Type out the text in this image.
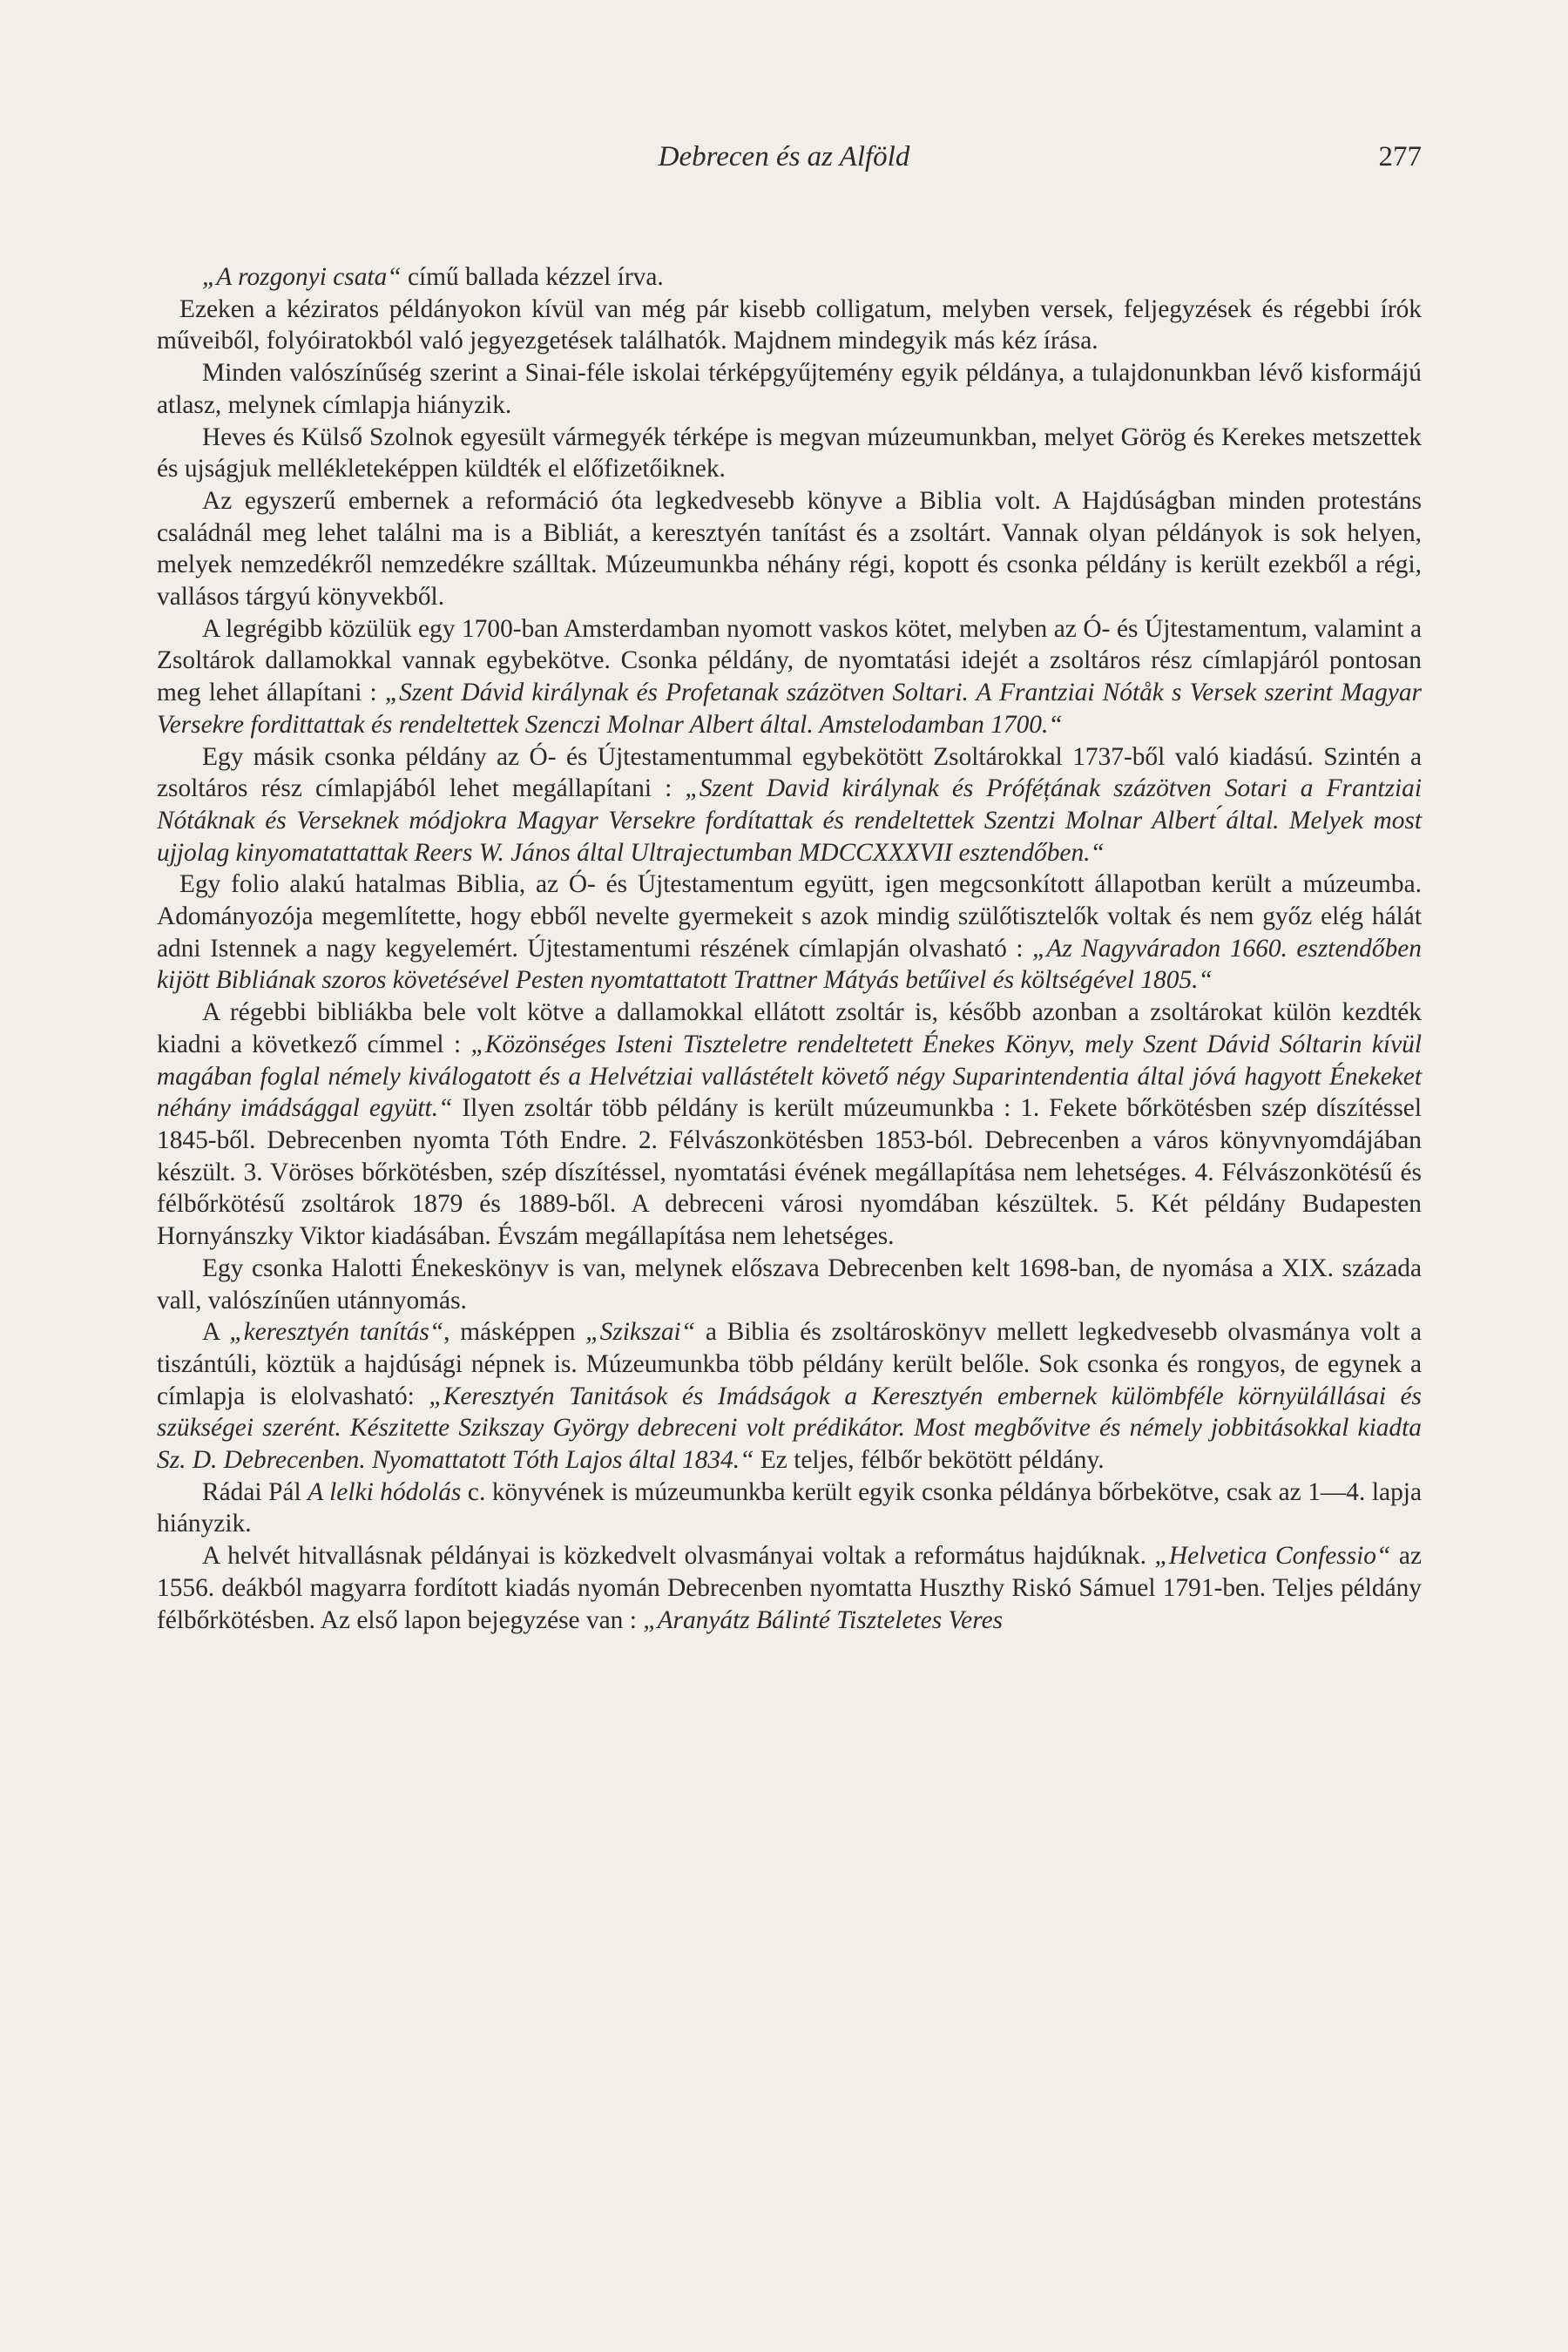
Debrecen és az Alföld	277

„A rozgonyi csata“ című ballada kézzel írva.

Ezeken a kéziratos példányokon kívül van még pár kisebb colligatum, melyben versek, feljegyzések és régebbi írók műveiből, folyóiratokból való jegyezgetések találhatók. Majdnem mindegyik más kéz írása.

Minden valószínűség szerint a Sinai-féle iskolai térképgyűjtemény egyik példánya, a tulajdonunkban lévő kisformájú atlasz, melynek címlapja hiányzik.

Heves és Külső Szolnok egyesült vármegyék térképe is megvan múzeumunkban, melyet Görög és Kerekes metszettek és ujságjuk mellékleteképpen küldték el előfizetőiknek.

Az egyszerű embernek a reformáció óta legkedvesebb könyve a Biblia volt. A Hajdúságban minden protestáns családnál meg lehet találni ma is a Bibliát, a keresztyén tanítást és a zsoltárt. Vannak olyan példányok is sok helyen, melyek nemzedékről nemzedékre szálltak. Múzeumunkba néhány régi, kopott és csonka példány is került ezekből a régi, vallásos tárgyú könyvekből.

A legrégibb közülük egy 1700-ban Amsterdamban nyomott vaskos kötet, melyben az Ó- és Újtestamentum, valamint a Zsoltárok dallamokkal vannak egybekötve. Csonka példány, de nyomtatási idejét a zsoltáros rész címlapjáról pontosan meg lehet állapítani : „Szent Dávid királynak és Profetanak százötven Soltari. A Frantziai Nótåk s Versek szerint Magyar Versekre fordittattak és rendeltettek Szenczi Molnar Albert által. Amstelodamban 1700.“

Egy másik csonka példány az Ó- és Újtestamentummal egybekötött Zsoltárokkal 1737-ből való kiadású. Szintén a zsoltáros rész címlapjából lehet megállapítani : „Szent David királynak és Próféțának százötven Sotari a Frantziai Nótáknak és Verseknek módjokra Magyar Versekre fordítattak és rendeltettek Szentzi Molnar Albert ́által. Melyek most ujjolag kinyomatattattak Reers W. János által Ultrajectumban MDCCXXXVII esztendőben.“

Egy folio alakú hatalmas Biblia, az Ó- és Újtestamentum együtt, igen megcsonkított állapotban került a múzeumba. Adományozója megemlítette, hogy ebből nevelte gyermekeit s azok mindig szülőtisztelők voltak és nem győz elég hálát adni Istennek a nagy kegyelemért. Újtestamentumi részének címlapján olvasható : „Az Nagyváradon 1660. esztendőben kijött Bibliának szoros követésével Pesten nyomtattatott Trattner Mátyás betűivel és költségével 1805.“

A régebbi bibliákba bele volt kötve a dallamokkal ellátott zsoltár is, később azonban a zsoltárokat külön kezdték kiadni a következő címmel : „Közönséges Isteni Tiszteletre rendeltetett Énekes Könyv, mely Szent Dávid Sóltarin kívül magában foglal némely kiválogatott és a Helvétziai vallástételt követő négy Suparintendentia által jóvá hagyott Énekeket néhány imádsággal együtt.“ Ilyen zsoltár több példány is került múzeumunkba : 1. Fekete bőrkötésben szép díszítéssel 1845-ből. Debrecenben nyomta Tóth Endre. 2. Félvászonkötésben 1853-ból. Debrecenben a város könyvnyomdájában készült. 3. Vöröses bőrkötésben, szép díszítéssel, nyomtatási évének megállapítása nem lehetséges. 4. Félvászonkötésű és félbőrkötésű zsoltárok 1879 és 1889-ből. A debreceni városi nyomdában készültek. 5. Két példány Budapesten Hornyánszky Viktor kiadásában. Évszám megállapítása nem lehetséges.

Egy csonka Halotti Énekeskönyv is van, melynek előszava Debrecenben kelt 1698-ban, de nyomása a XIX. százada vall, valószínűen utánnyomás.

A „keresztyén tanítás“, másképpen „Szikszai“ a Biblia és zsoltároskönyv mellett legkedvesebb olvasmánya volt a tiszántúli, köztük a hajdúsági népnek is. Múzeumunkba több példány került belőle. Sok csonka és rongyos, de egynek a címlapja is elolvasható: „Keresztyén Tanitások és Imádságok a Keresztyén embernek külömbféle környülállásai és szükségei szerént. Készitette Szikszay György debreceni volt prédikátor. Most megbővitve és némely jobbitásokkal kiadta Sz. D. Debrecenben. Nyomattatott Tóth Lajos által 1834.“ Ez teljes, félbőr bekötött példány.

Rádai Pál A lelki hódolás c. könyvének is múzeumunkba került egyik csonka példánya bőrbekötve, csak az 1—4. lapja hiányzik.

A helvét hitvallásnak példányai is közkedvelt olvasmányai voltak a református hajdúknak. „Helvetica Confessio“ az 1556. deákból magyarra fordított kiadás nyomán Debrecenben nyomtatta Huszthy Riskó Sámuel 1791-ben. Teljes példány félbőrkötésben. Az első lapon bejegyzése van : „Aranyátz Bálinté Tiszteletes Veres
